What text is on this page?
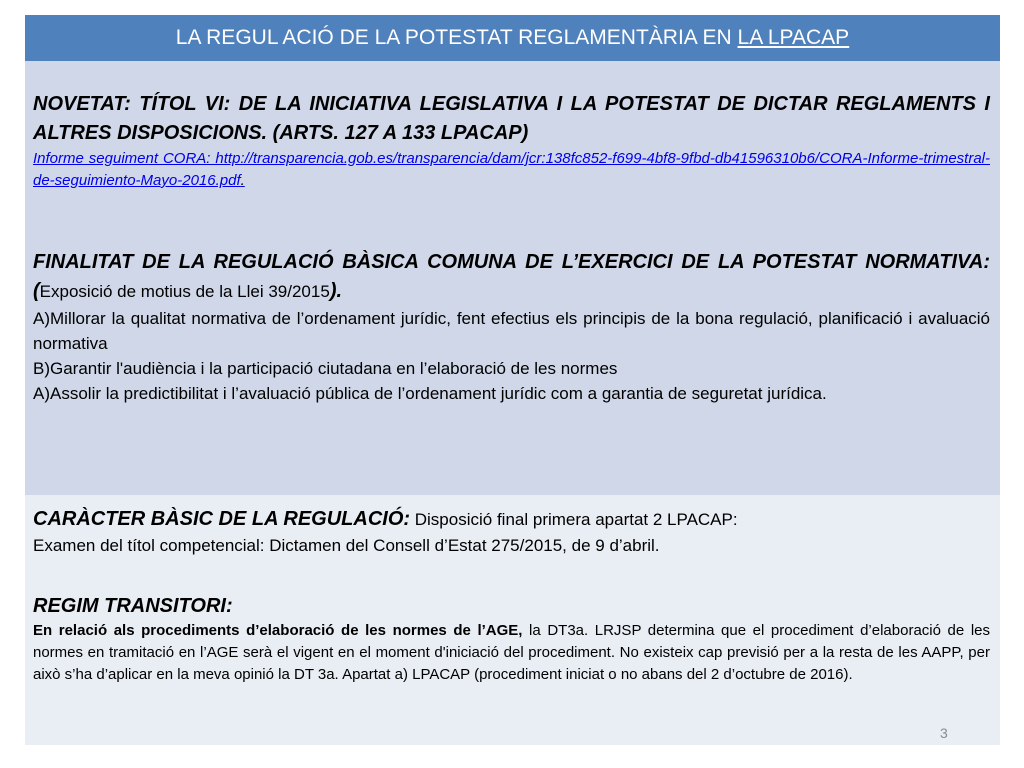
LA REGUL ACIÓ DE LA POTESTAT REGLAMENTÀRIA EN LA LPACAP
NOVETAT: TÍTOL VI: DE LA INICIATIVA LEGISLATIVA I LA POTESTAT DE DICTAR REGLAMENTS I ALTRES DISPOSICIONS. (ARTS. 127 A 133 LPACAP)
Informe seguiment CORA: http://transparencia.gob.es/transparencia/dam/jcr:138fc852-f699-4bf8-9fbd-db41596310b6/CORA-Informe-trimestral-de-seguimiento-Mayo-2016.pdf.
FINALITAT DE LA REGULACIÓ BÀSICA COMUNA DE L’EXERCICI DE LA POTESTAT NORMATIVA: (Exposició de motius de la Llei 39/2015).
A)Millorar la qualitat normativa de l’ordenament jurídic, fent efectius els principis de la bona regulació, planificació i avaluació normativa
B)Garantir l'audiència i la participació ciutadana en l’elaboració de les normes
A)Assolir la predictibilitat i l’avaluació pública de l’ordenament jurídic com a garantia de seguretat jurídica.
CARÀCTER BÀSIC DE LA REGULACIÓ: Disposició final primera apartat 2 LPACAP:
Examen del títol competencial: Dictamen del Consell d’Estat 275/2015, de 9 d’abril.
REGIM TRANSITORI:
En relació als procediments d’elaboració de les normes de l’AGE, la DT3a. LRJSP determina que el procediment d’elaboració de les normes en tramitació en l’AGE serà el vigent en el moment d'iniciació del procediment. No existeix cap previsió per a la resta de les AAPP, per això s’ha d’aplicar en la meva opinió la DT 3a. Apartat a) LPACAP (procediment iniciat o no abans del 2 d’octubre de 2016).
3
